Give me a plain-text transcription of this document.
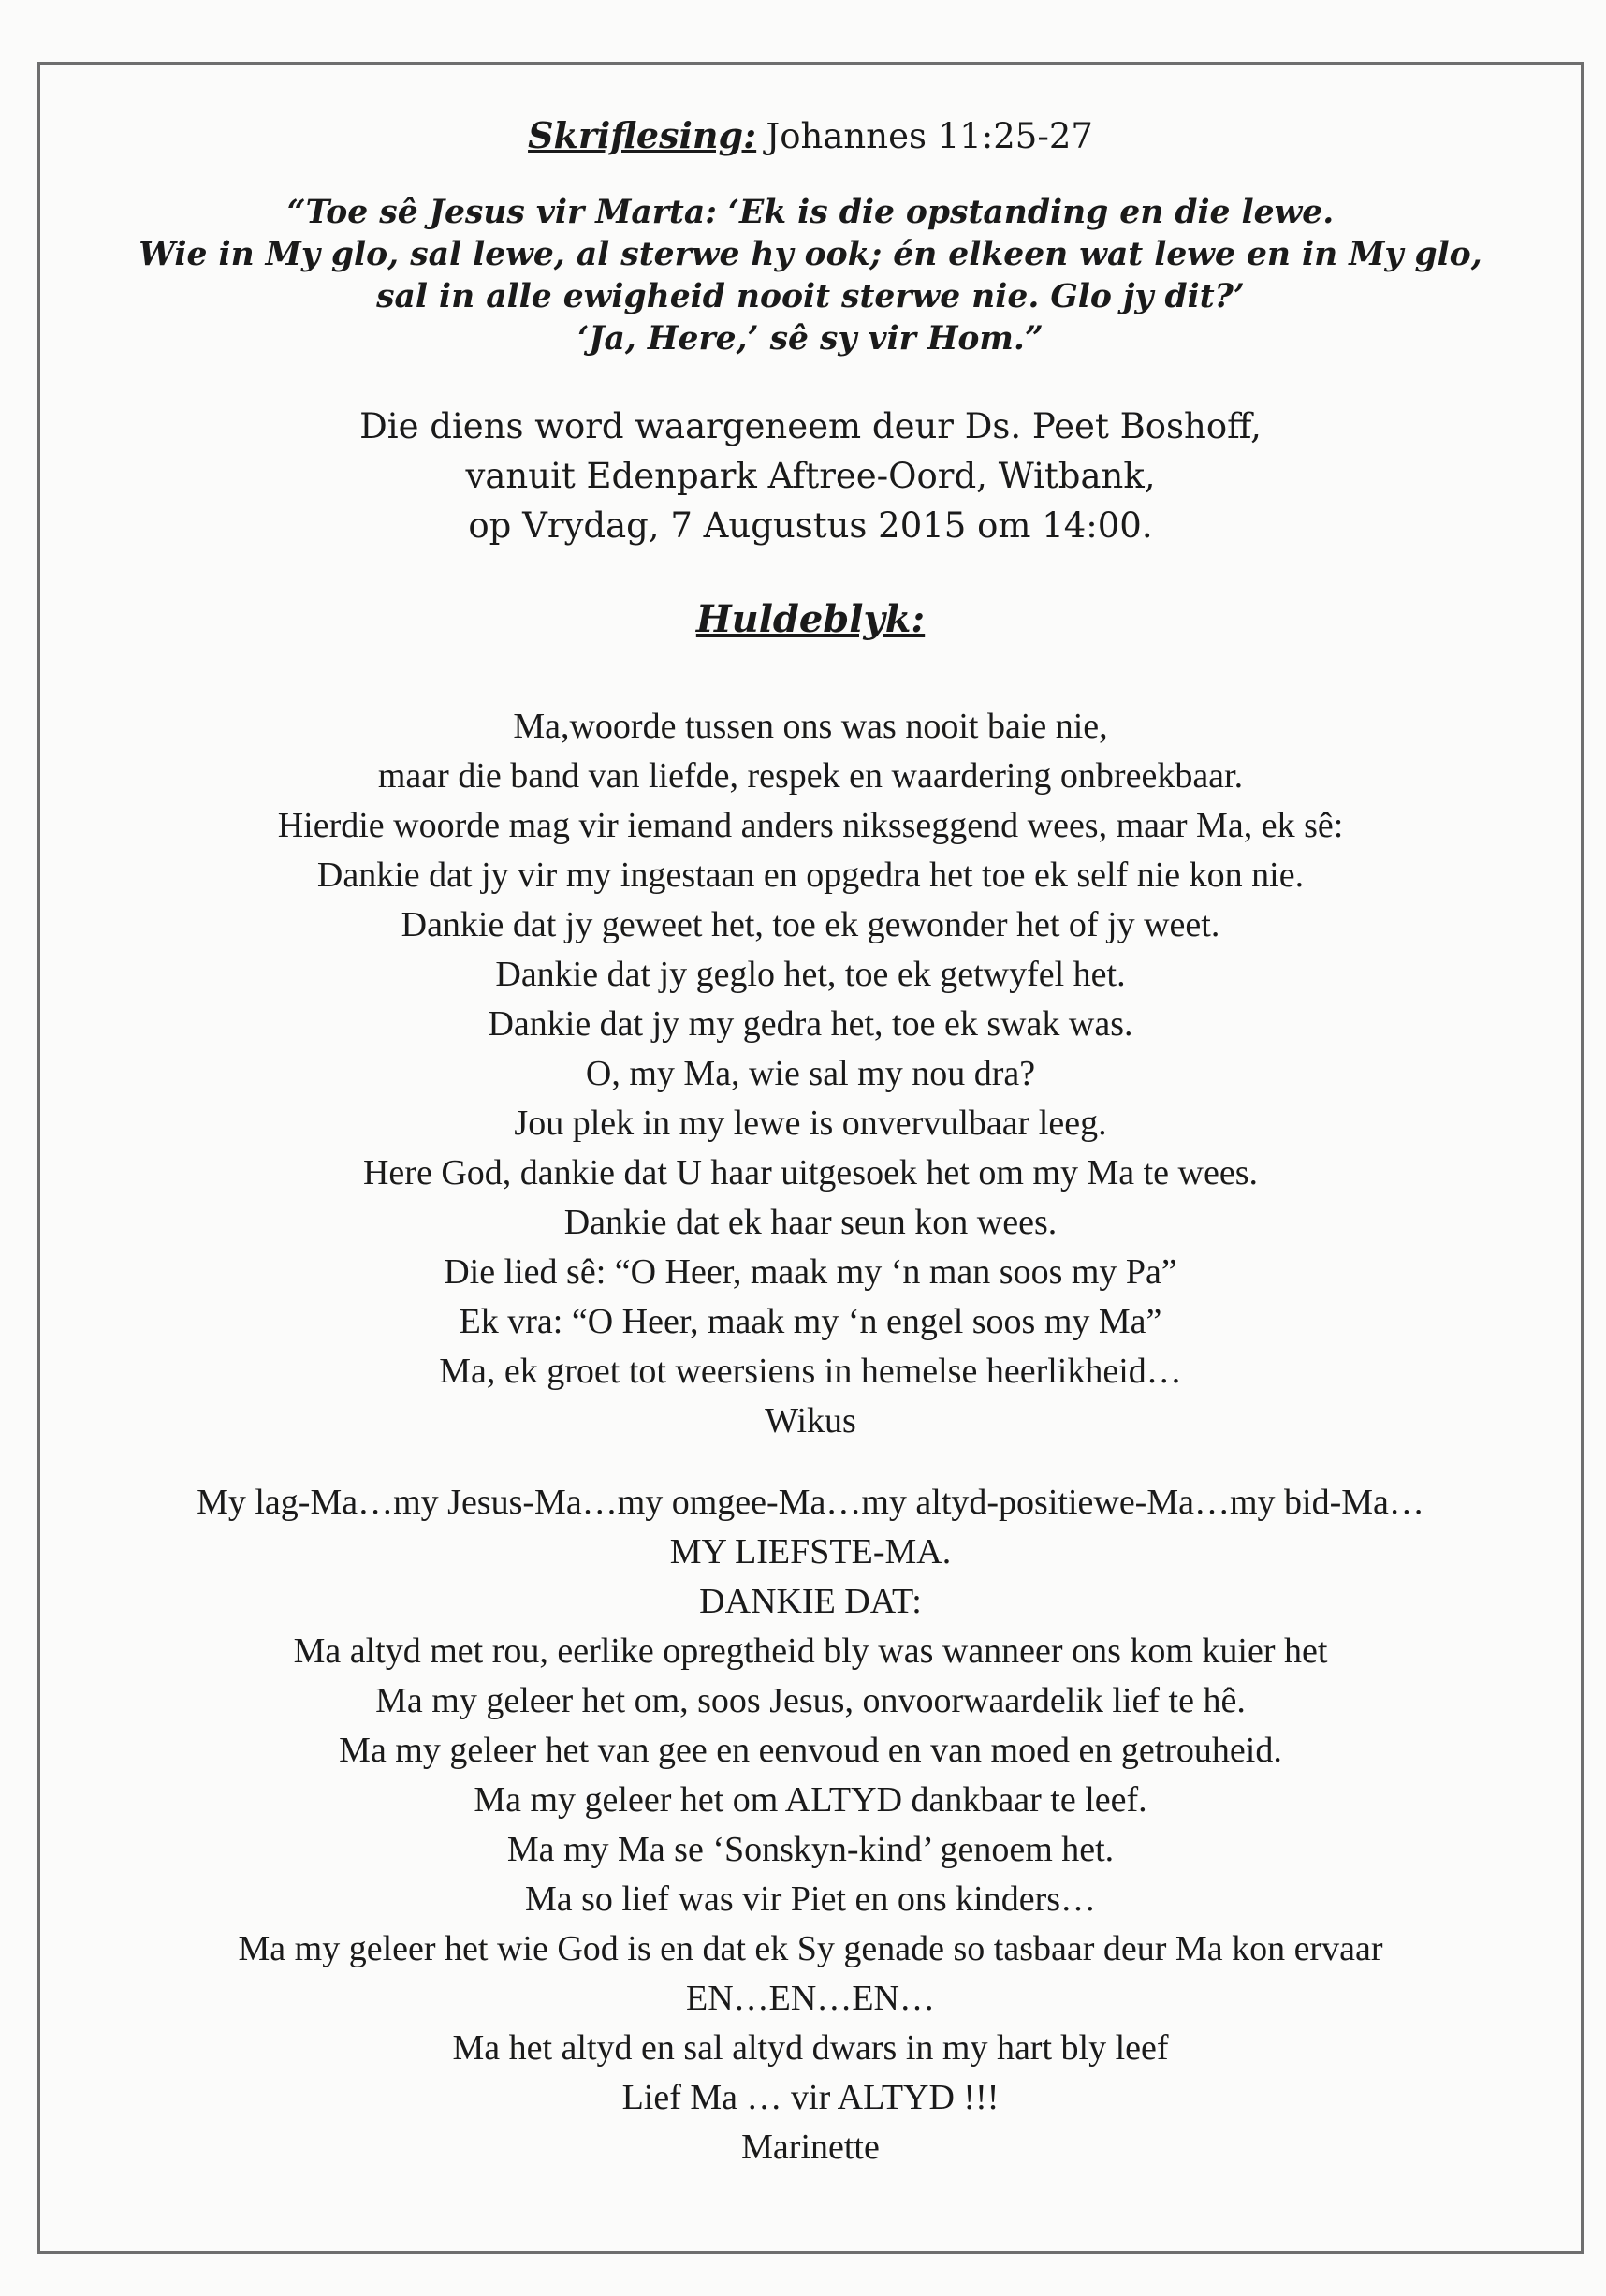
Skriflesing: Johannes 11:25-27
“Toe sê Jesus vir Marta: ‘Ek is die opstanding en die lewe.
Wie in My glo, sal lewe, al sterwe hy ook; én elkeen wat lewe en in My glo,
sal in alle ewigheid nooit sterwe nie. Glo jy dit?’
‘Ja, Here,’ sê sy vir Hom.”
Die diens word waargeneem deur Ds. Peet Boshoff,
vanuit Edenpark Aftree-Oord, Witbank,
op Vrydag, 7 Augustus 2015 om 14:00.
Huldeblyk:
Ma,woorde tussen ons was nooit baie nie,
maar die band van liefde, respek en waardering onbreekbaar.
Hierdie woorde mag vir iemand anders niksseggend wees, maar Ma, ek sê:
Dankie dat jy vir my ingestaan en opgedra het toe ek self nie kon nie.
Dankie dat jy geweet het, toe ek gewonder het of jy weet.
Dankie dat jy geglo het, toe ek getwyfel het.
Dankie dat jy my gedra het, toe ek swak was.
O, my Ma, wie sal my nou dra?
Jou plek in my lewe is onvervulbaar leeg.
Here God, dankie dat U haar uitgesoek het om my Ma te wees.
Dankie dat ek haar seun kon wees.
Die lied sê: “O Heer, maak my ‘n man soos my Pa”
Ek vra: “O Heer, maak my ‘n engel soos my Ma”
Ma, ek groet tot weersiens in hemelse heerlikheid…
Wikus
My lag-Ma…my Jesus-Ma…my omgee-Ma…my altyd-positiewe-Ma…my bid-Ma…
MY LIEFSTE-MA.
DANKIE DAT:
Ma altyd met rou, eerlike opregtheid bly was wanneer ons kom kuier het
Ma my geleer het om, soos Jesus, onvoorwaardelik lief te hê.
Ma my geleer het van gee en eenvoud en van moed en getrouheid.
Ma my geleer het om ALTYD dankbaar te leef.
Ma my Ma se ‘Sonskyn-kind’ genoem het.
Ma so lief was vir Piet en ons kinders…
Ma my geleer het wie God is en dat ek Sy genade so tasbaar deur Ma kon ervaar
EN…EN…EN…
Ma het altyd en sal altyd dwars in my hart bly leef
Lief Ma … vir ALTYD !!!
Marinette
